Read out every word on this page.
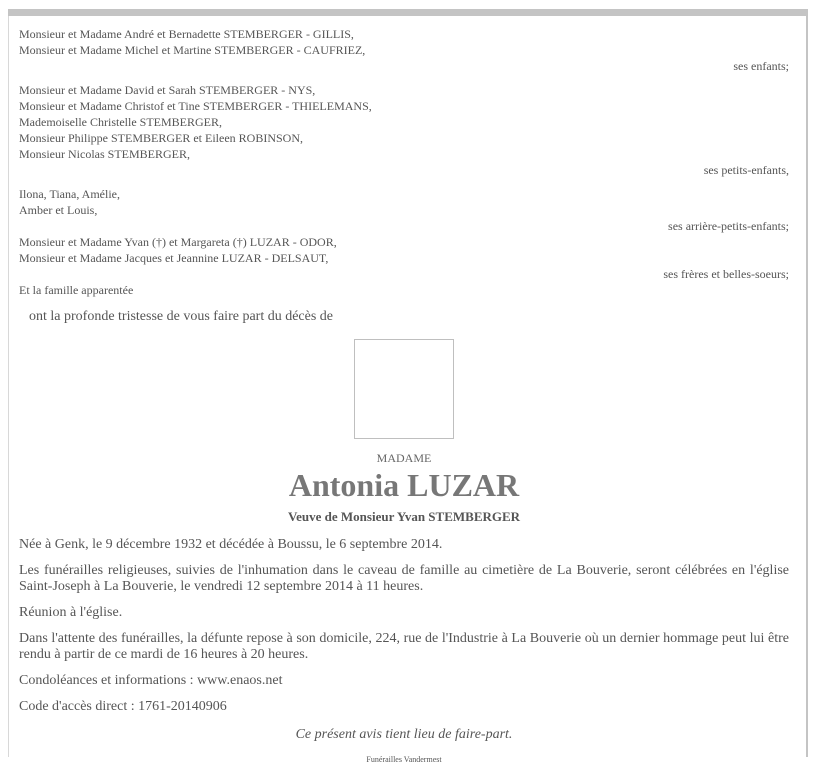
Monsieur et Madame André et Bernadette STEMBERGER - GILLIS,
Monsieur et Madame Michel et Martine STEMBERGER - CAUFRIEZ,
ses enfants;
Monsieur et Madame David et Sarah STEMBERGER - NYS,
Monsieur et Madame Christof et Tine STEMBERGER - THIELEMANS,
Mademoiselle Christelle STEMBERGER,
Monsieur Philippe STEMBERGER et Eileen ROBINSON,
Monsieur Nicolas STEMBERGER,
ses petits-enfants,
Ilona, Tiana, Amélie,
Amber et Louis,
ses arrière-petits-enfants;
Monsieur et Madame Yvan (†) et Margareta (†) LUZAR - ODOR,
Monsieur et Madame Jacques et Jeannine LUZAR - DELSAUT,
ses frères et belles-soeurs;
Et la famille apparentée
ont la profonde tristesse de vous faire part du décès de
MADAME
Antonia LUZAR
Veuve de Monsieur Yvan STEMBERGER

Née à Genk, le 9 décembre 1932 et décédée à Boussu, le 6 septembre 2014.

Les funérailles religieuses, suivies de l'inhumation dans le caveau de famille au cimetière de La Bouverie, seront célébrées en l'église Saint-Joseph à La Bouverie, le vendredi 12 septembre 2014 à 11 heures.

Réunion à l'église.

Dans l'attente des funérailles, la défunte repose à son domicile, 224, rue de l'Industrie à La Bouverie où un dernier hommage peut lui être rendu à partir de ce mardi de 16 heures à 20 heures.

Condoléances et informations : www.enaos.net

Code d'accès direct : 1761-20140906

Ce présent avis tient lieu de faire-part.
Funérailles Vandermest
